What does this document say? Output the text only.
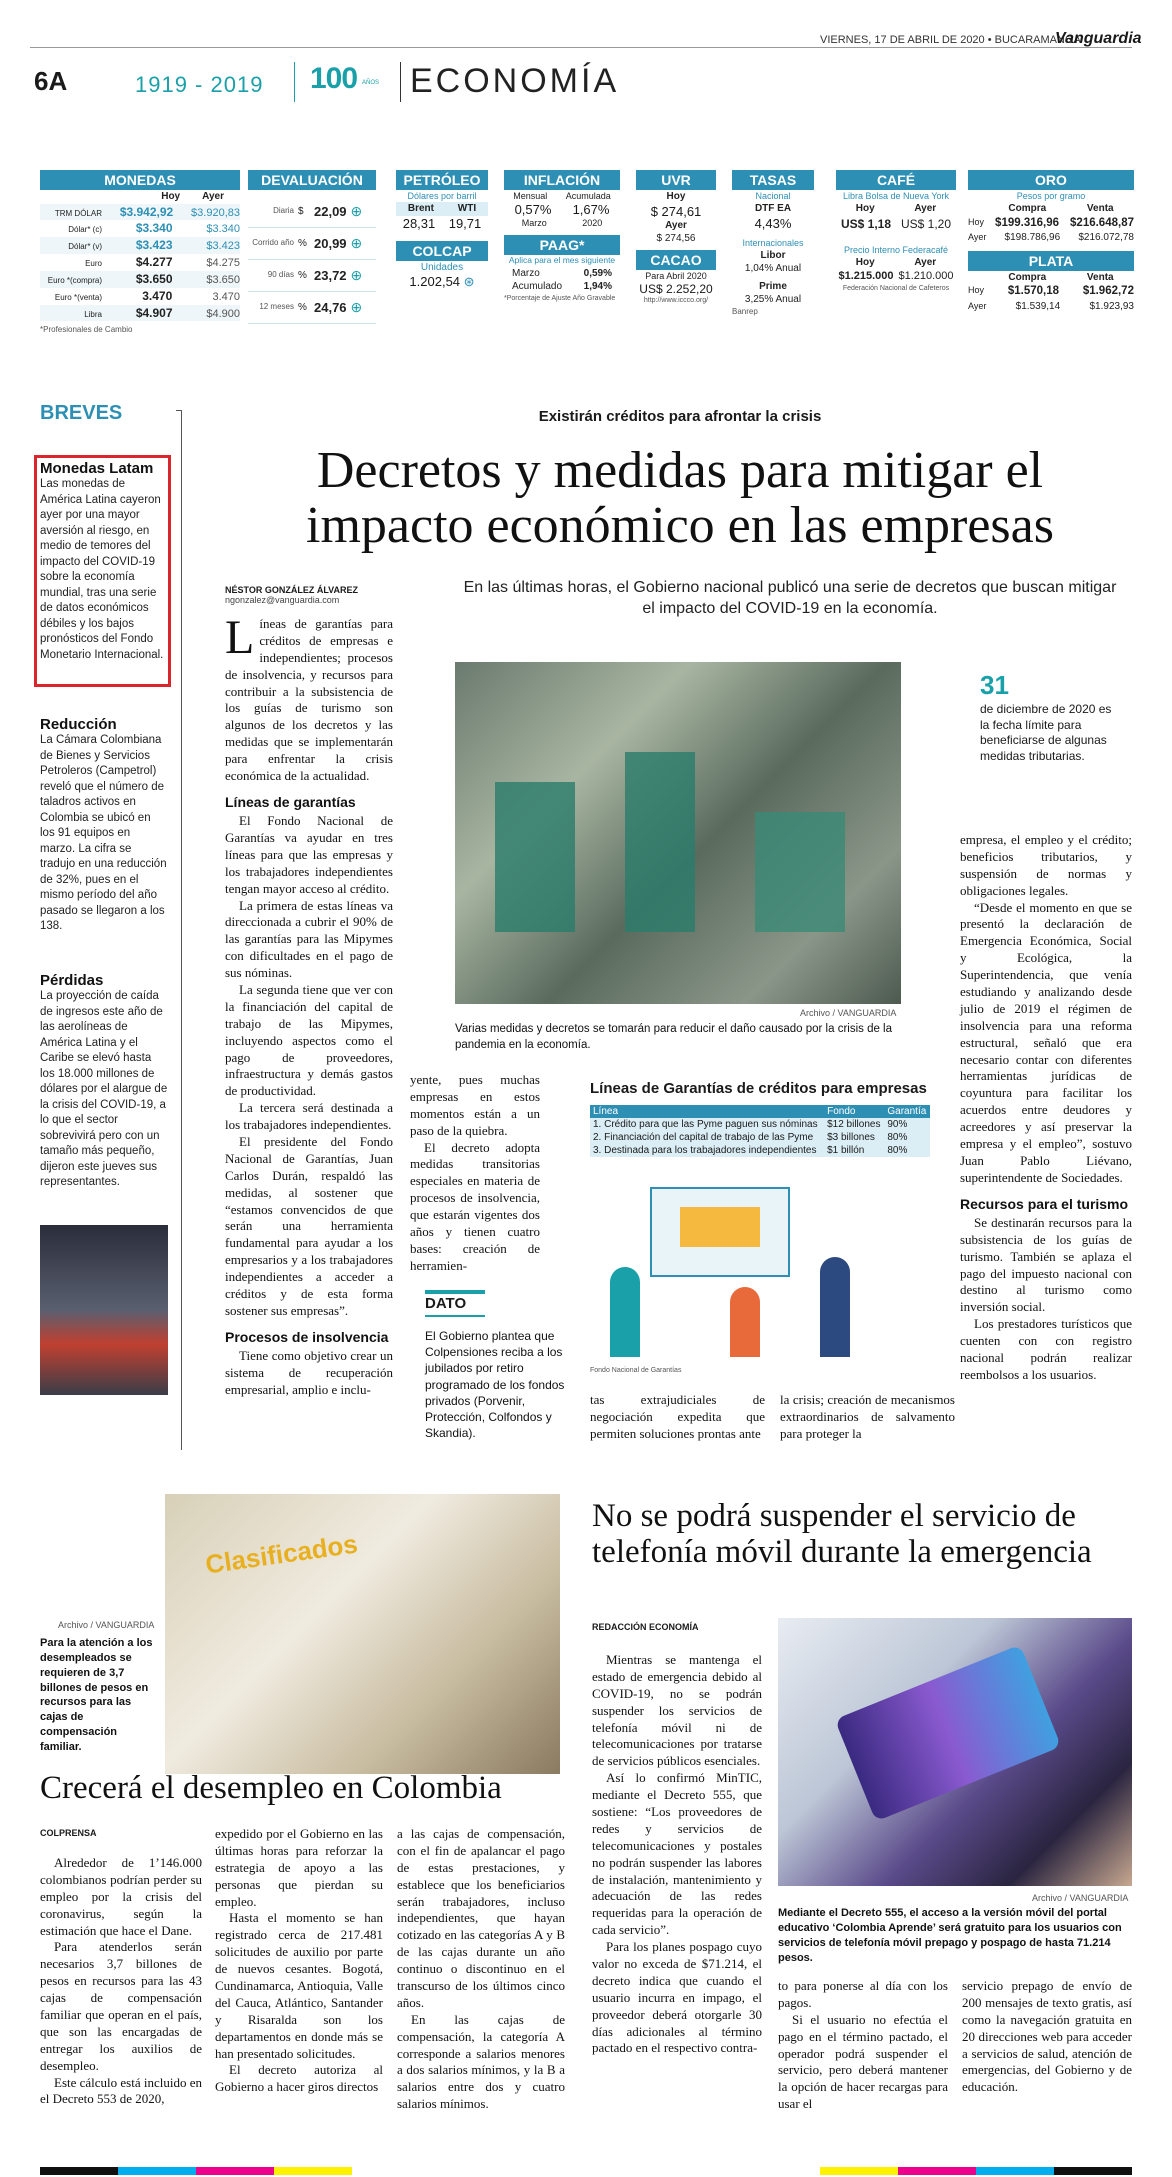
VIERNES, 17 DE ABRIL DE 2020 • BUCARAMANGA
Vanguardia
6A	1919 - 2019 100 AÑOS ECONOMÍA
MONEDAS
Hoy Ayer
TRM DÓLAR $3.942,92 $3.920,83
Dólar* (c)	$3.340	$3.340
Dólar* (v)	$3.423	$3.423
Euro	$4.277	$4.275
Euro *(compra)	$3.650	$3.650
Euro *(venta)	3.470	3.470
Libra	$4.907	$4.900
*Profesionales de Cambio
DEVALUACIÓN
Diaria $ 22,09 ⊕
Corrido año % 20,99 ⊕
90 días % 23,72 ⊕
12 meses % 24,76 ⊕
PETRÓLEO
Dólares por barril
Brent WTI
28,31 19,71
COLCAP
Unidades
1.202,54 ⊛
INFLACIÓN
Mensual Acumulada
0,57% 1,67%
Marzo	2020
PAAG*
Aplica para el mes siguiente
Marzo	0,59%
Acumulado 1,94%
*Porcentaje de Ajuste Año Gravable
UVR
Hoy
$ 274,61
Ayer
$ 274,56
CACAO
Para Abril 2020
US$ 2.252,20
http://www.iccco.org/
TASAS
Nacional
DTF EA
4,43%
Internacionales
Libor
1,04% Anual
Prime
3,25% Anual
Banrep
CAFÉ
Libra Bolsa de Nueva York
Hoy	Ayer
US$ 1,18 US$ 1,20
Precio Interno Federacafé
Hoy	Ayer
$1.215.000 $1.210.000
Federación Nacional de Cafeteros
ORO
Pesos por gramo
Compra	Venta
Hoy $199.316,96 $216.648,87
Ayer $198.786,96 $216.072,78
PLATA
Compra	Venta
Hoy $1.570,18 $1.962,72
Ayer	$1.539,14	$1.923,93
BREVES
Monedas Latam
Las monedas de América Latina cayeron ayer por una mayor aversión al riesgo, en medio de temores del impacto del COVID-19 sobre la economía mundial, tras una serie de datos económicos débiles y los bajos pronósticos del Fondo Monetario Internacional.
Reducción
La Cámara Colombiana de Bienes y Servicios Petroleros (Campetrol) reveló que el número de taladros activos en Colombia se ubicó en los 91 equipos en marzo. La cifra se tradujo en una reducción de 32%, pues en el mismo período del año pasado se llegaron a los 138.
Pérdidas
La proyección de caída de ingresos este año de las aerolíneas de América Latina y el Caribe se elevó hasta los 18.000 millones de dólares por el alargue de la crisis del COVID-19, a lo que el sector sobrevivirá pero con un tamaño más pequeño, dijeron este jueves sus representantes.
Existirán créditos para afrontar la crisis
Decretos y medidas para mitigar el impacto económico en las empresas
En las últimas horas, el Gobierno nacional publicó una serie de decretos que buscan mitigar el impacto del COVID-19 en la economía.
NÉSTOR GONZÁLEZ ÁLVAREZ
ngonzalez@vanguardia.com
Líneas de garantías para créditos de empresas e independientes; procesos de insolvencia, y recursos para contribuir a la subsistencia de los guías de turismo son algunos de los decretos y las medidas que se implementarán para enfrentar la crisis económica de la actualidad.
Líneas de garantías

El Fondo Nacional de Garantías va ayudar en tres líneas para que las empresas y los trabajadores independientes tengan mayor acceso al crédito.

La primera de estas líneas va direccionada a cubrir el 90% de las garantías para las Mipymes con dificultades en el pago de sus nóminas.

La segunda tiene que ver con la financiación del capital de trabajo de las Mipymes, incluyendo aspectos como el pago de proveedores, infraestructura y demás gastos de productividad.

La tercera será destinada a los trabajadores independientes.

El presidente del Fondo Nacional de Garantías, Juan Carlos Durán, respaldó las medidas, al sostener que “estamos convencidos de que serán una herramienta fundamental para ayudar a los empresarios y a los trabajadores independientes a acceder a créditos y de esta forma sostener sus empresas”.

Procesos de insolvencia

Tiene como objetivo crear un sistema de recuperación empresarial, amplio e inclu-

Archivo / VANGUARDIA
Varias medidas y decretos se tomarán para reducir el daño causado por la crisis de la pandemia en la economía.
31
de diciembre de 2020 es la fecha límite para beneficiarse de algunas medidas tributarias.

yente, pues muchas empresas en estos momentos están a un paso de la quiebra.

El decreto adopta medidas transitorias especiales en materia de procesos de insolvencia, que estarán vigentes dos años y tienen cuatro bases: creación de herramien-

DATO
El Gobierno plantea que Colpensiones reciba a los jubilados por retiro programado de los fondos privados (Porvenir, Protección, Colfondos y Skandia).
Líneas de Garantías de créditos para empresas
Línea	Fondo	Garantía
1. Crédito para que las Pyme paguen sus nóminas	$12 billones	90%
2. Financiación del capital de trabajo de las Pyme	$3 billones	80%
3. Destinada para los trabajadores independientes	$1 billón	80%
Fondo Nacional de Garantías
tas extrajudiciales de negociación expedita que permiten soluciones prontas ante
la crisis; creación de mecanismos extraordinarios de salvamento para proteger la

empresa, el empleo y el crédito; beneficios tributarios, y suspensión de normas y obligaciones legales.

“Desde el momento en que se presentó la declaración de Emergencia Económica, Social y Ecológica, la Superintendencia, que venía estudiando y analizando desde julio de 2019 el régimen de insolvencia para una reforma estructural, señaló que era necesario contar con diferentes herramientas jurídicas de coyuntura para facilitar los acuerdos entre deudores y acreedores y así preservar la empresa y el empleo”, sostuvo Juan Pablo Liévano, superintendente de Sociedades.

Recursos para el turismo

Se destinarán recursos para la subsistencia de los guías de turismo. También se aplaza el pago del impuesto nacional con destino al turismo como inversión social.

Los prestadores turísticos que cuenten con con registro nacional podrán realizar reembolsos a los usuarios.

Clasificados
Archivo / VANGUARDIA
Para la atención a los desempleados se requieren de 3,7 billones de pesos en recursos para las cajas de compensación familiar.
Crecerá el desempleo en Colombia
COLPRENSA

Alrededor de 1’146.000 colombianos podrían perder su empleo por la crisis del coronavirus, según la estimación que hace el Dane.

Para atenderlos serán necesarios 3,7 billones de pesos en recursos para las 43 cajas de compensación familiar que operan en el país, que son las encargadas de entregar los auxilios de desempleo.

Este cálculo está incluido en el Decreto 553 de 2020,

expedido por el Gobierno en las últimas horas para reforzar la estrategia de apoyo a las personas que pierdan su empleo.

Hasta el momento se han registrado cerca de 217.481 solicitudes de auxilio por parte de nuevos cesantes. Bogotá, Cundinamarca, Antioquia, Valle del Cauca, Atlántico, Santander y Risaralda son los departamentos en donde más se han presentado solicitudes.

El decreto autoriza al Gobierno a hacer giros directos

a las cajas de compensación, con el fin de apalancar el pago de estas prestaciones, y establece que los beneficiarios serán trabajadores, incluso independientes, que hayan cotizado en las categorías A y B de las cajas durante un año continuo o discontinuo en el transcurso de los últimos cinco años.

En las cajas de compensación, la categoría A corresponde a salarios menores a dos salarios mínimos, y la B a salarios entre dos y cuatro salarios mínimos.

No se podrá suspender el servicio de telefonía móvil durante la emergencia
REDACCIÓN ECONOMÍA

Mientras se mantenga el estado de emergencia debido al COVID-19, no se podrán suspender los servicios de telefonía móvil ni de telecomunicaciones por tratarse de servicios públicos esenciales.

Así lo confirmó MinTIC, mediante el Decreto 555, que sostiene: “Los proveedores de redes y servicios de telecomunicaciones y postales no podrán suspender las labores de instalación, mantenimiento y adecuación de las redes requeridas para la operación de cada servicio”.

Para los planes pospago cuyo valor no exceda de $71.214, el decreto indica que cuando el usuario incurra en impago, el proveedor deberá otorgarle 30 días adicionales al término pactado en el respectivo contra-

Archivo / VANGUARDIA
Mediante el Decreto 555, el acceso a la versión móvil del portal educativo ‘Colombia Aprende’ será gratuito para los usuarios con servicios de telefonía móvil prepago y pospago de hasta 71.214 pesos.

to para ponerse al día con los pagos.

Si el usuario no efectúa el pago en el término pactado, el operador podrá suspender el servicio, pero deberá mantener la opción de hacer recargas para usar el

servicio prepago de envío de 200 mensajes de texto gratis, así como la navegación gratuita en 20 direcciones web para acceder a servicios de salud, atención de emergencias, del Gobierno y de educación.
